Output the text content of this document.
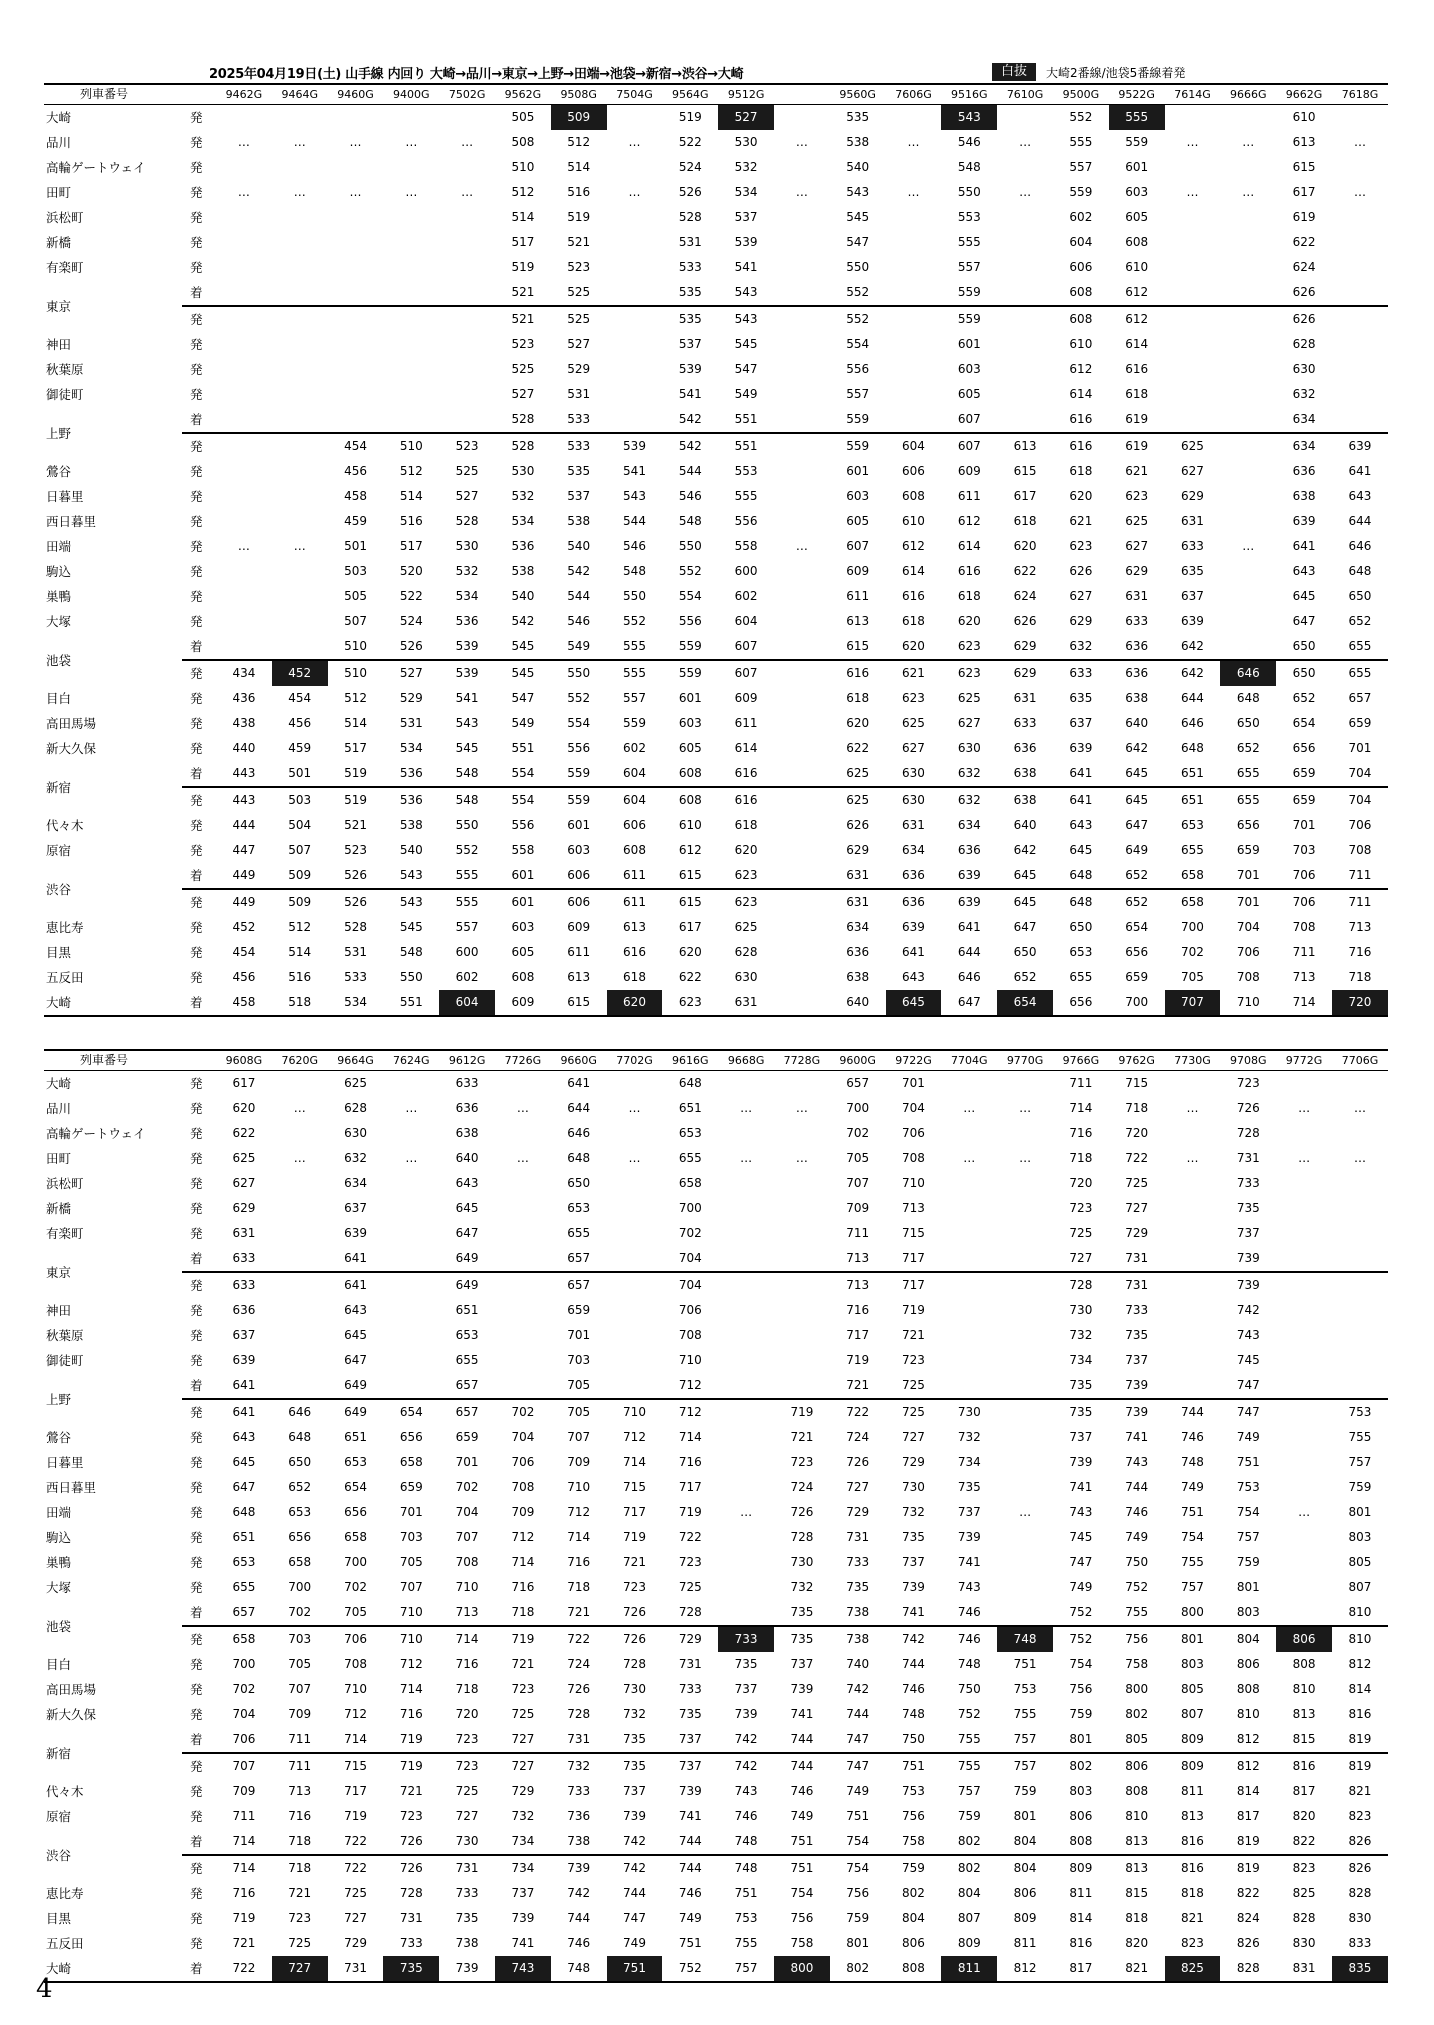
2025年04月19日(土) 山手線 内回り 大崎→品川→東京→上野→田端→池袋→新宿→渋谷→大崎	白抜	大崎2番線/池袋5番線着発
列車番号		9462G	9464G	9460G	9400G	7502G	9562G	9508G	7504G	9564G	9512G		9560G	7606G	9516G	7610G	9500G	9522G	7614G	9666G	9662G	7618G
大崎	発						505	509		519	527		535		543		552	555			610	
品川	発	…	…	…	…	…	508	512	…	522	530	…	538	…	546	…	555	559	…	…	613	…
高輪ゲートウェイ	発						510	514		524	532		540		548		557	601			615	
田町	発	…	…	…	…	…	512	516	…	526	534	…	543	…	550	…	559	603	…	…	617	…
浜松町	発						514	519		528	537		545		553		602	605			619	
新橋	発						517	521		531	539		547		555		604	608			622	
有楽町	発						519	523		533	541		550		557		606	610			624	
東京	着						521	525		535	543		552		559		608	612			626	
	発						521	525		535	543		552		559		608	612			626	
神田	発						523	527		537	545		554		601		610	614			628	
秋葉原	発						525	529		539	547		556		603		612	616			630	
御徒町	発						527	531		541	549		557		605		614	618			632	
上野	着						528	533		542	551		559		607		616	619			634	
	発			454	510	523	528	533	539	542	551		559	604	607	613	616	619	625		634	639
鶯谷	発			456	512	525	530	535	541	544	553		601	606	609	615	618	621	627		636	641
日暮里	発			458	514	527	532	537	543	546	555		603	608	611	617	620	623	629		638	643
西日暮里	発			459	516	528	534	538	544	548	556		605	610	612	618	621	625	631		639	644
田端	発	…	…	501	517	530	536	540	546	550	558	…	607	612	614	620	623	627	633	…	641	646
駒込	発			503	520	532	538	542	548	552	600		609	614	616	622	626	629	635		643	648
巣鴨	発			505	522	534	540	544	550	554	602		611	616	618	624	627	631	637		645	650
大塚	発			507	524	536	542	546	552	556	604		613	618	620	626	629	633	639		647	652
池袋	着			510	526	539	545	549	555	559	607		615	620	623	629	632	636	642		650	655
	発	434	452	510	527	539	545	550	555	559	607		616	621	623	629	633	636	642	646	650	655
目白	発	436	454	512	529	541	547	552	557	601	609		618	623	625	631	635	638	644	648	652	657
高田馬場	発	438	456	514	531	543	549	554	559	603	611		620	625	627	633	637	640	646	650	654	659
新大久保	発	440	459	517	534	545	551	556	602	605	614		622	627	630	636	639	642	648	652	656	701
新宿	着	443	501	519	536	548	554	559	604	608	616		625	630	632	638	641	645	651	655	659	704
	発	443	503	519	536	548	554	559	604	608	616		625	630	632	638	641	645	651	655	659	704
代々木	発	444	504	521	538	550	556	601	606	610	618		626	631	634	640	643	647	653	656	701	706
原宿	発	447	507	523	540	552	558	603	608	612	620		629	634	636	642	645	649	655	659	703	708
渋谷	着	449	509	526	543	555	601	606	611	615	623		631	636	639	645	648	652	658	701	706	711
	発	449	509	526	543	555	601	606	611	615	623		631	636	639	645	648	652	658	701	706	711
恵比寿	発	452	512	528	545	557	603	609	613	617	625		634	639	641	647	650	654	700	704	708	713
目黒	発	454	514	531	548	600	605	611	616	620	628		636	641	644	650	653	656	702	706	711	716
五反田	発	456	516	533	550	602	608	613	618	622	630		638	643	646	652	655	659	705	708	713	718
大崎	着	458	518	534	551	604	609	615	620	623	631		640	645	647	654	656	700	707	710	714	720
列車番号		9608G	7620G	9664G	7624G	9612G	7726G	9660G	7702G	9616G	9668G	7728G	9600G	9722G	7704G	9770G	9766G	9762G	7730G	9708G	9772G	7706G
大崎	発	617		625		633		641		648			657	701			711	715		723		
品川	発	620	…	628	…	636	…	644	…	651	…	…	700	704	…	…	714	718	…	726	…	…
高輪ゲートウェイ	発	622		630		638		646		653			702	706			716	720		728		
田町	発	625	…	632	…	640	…	648	…	655	…	…	705	708	…	…	718	722	…	731	…	…
浜松町	発	627		634		643		650		658			707	710			720	725		733		
新橋	発	629		637		645		653		700			709	713			723	727		735		
有楽町	発	631		639		647		655		702			711	715			725	729		737		
東京	着	633		641		649		657		704			713	717			727	731		739		
	発	633		641		649		657		704			713	717			728	731		739		
神田	発	636		643		651		659		706			716	719			730	733		742		
秋葉原	発	637		645		653		701		708			717	721			732	735		743		
御徒町	発	639		647		655		703		710			719	723			734	737		745		
上野	着	641		649		657		705		712			721	725			735	739		747		
	発	641	646	649	654	657	702	705	710	712		719	722	725	730		735	739	744	747		753
鶯谷	発	643	648	651	656	659	704	707	712	714		721	724	727	732		737	741	746	749		755
日暮里	発	645	650	653	658	701	706	709	714	716		723	726	729	734		739	743	748	751		757
西日暮里	発	647	652	654	659	702	708	710	715	717		724	727	730	735		741	744	749	753		759
田端	発	648	653	656	701	704	709	712	717	719	…	726	729	732	737	…	743	746	751	754	…	801
駒込	発	651	656	658	703	707	712	714	719	722		728	731	735	739		745	749	754	757		803
巣鴨	発	653	658	700	705	708	714	716	721	723		730	733	737	741		747	750	755	759		805
大塚	発	655	700	702	707	710	716	718	723	725		732	735	739	743		749	752	757	801		807
池袋	着	657	702	705	710	713	718	721	726	728		735	738	741	746		752	755	800	803		810
	発	658	703	706	710	714	719	722	726	729	733	735	738	742	746	748	752	756	801	804	806	810
目白	発	700	705	708	712	716	721	724	728	731	735	737	740	744	748	751	754	758	803	806	808	812
高田馬場	発	702	707	710	714	718	723	726	730	733	737	739	742	746	750	753	756	800	805	808	810	814
新大久保	発	704	709	712	716	720	725	728	732	735	739	741	744	748	752	755	759	802	807	810	813	816
新宿	着	706	711	714	719	723	727	731	735	737	742	744	747	750	755	757	801	805	809	812	815	819
	発	707	711	715	719	723	727	732	735	737	742	744	747	751	755	757	802	806	809	812	816	819
代々木	発	709	713	717	721	725	729	733	737	739	743	746	749	753	757	759	803	808	811	814	817	821
原宿	発	711	716	719	723	727	732	736	739	741	746	749	751	756	759	801	806	810	813	817	820	823
渋谷	着	714	718	722	726	730	734	738	742	744	748	751	754	758	802	804	808	813	816	819	822	826
	発	714	718	722	726	731	734	739	742	744	748	751	754	759	802	804	809	813	816	819	823	826
恵比寿	発	716	721	725	728	733	737	742	744	746	751	754	756	802	804	806	811	815	818	822	825	828
目黒	発	719	723	727	731	735	739	744	747	749	753	756	759	804	807	809	814	818	821	824	828	830
五反田	発	721	725	729	733	738	741	746	749	751	755	758	801	806	809	811	816	820	823	826	830	833
大崎	着	722	727	731	735	739	743	748	751	752	757	800	802	808	811	812	817	821	825	828	831	835
4
